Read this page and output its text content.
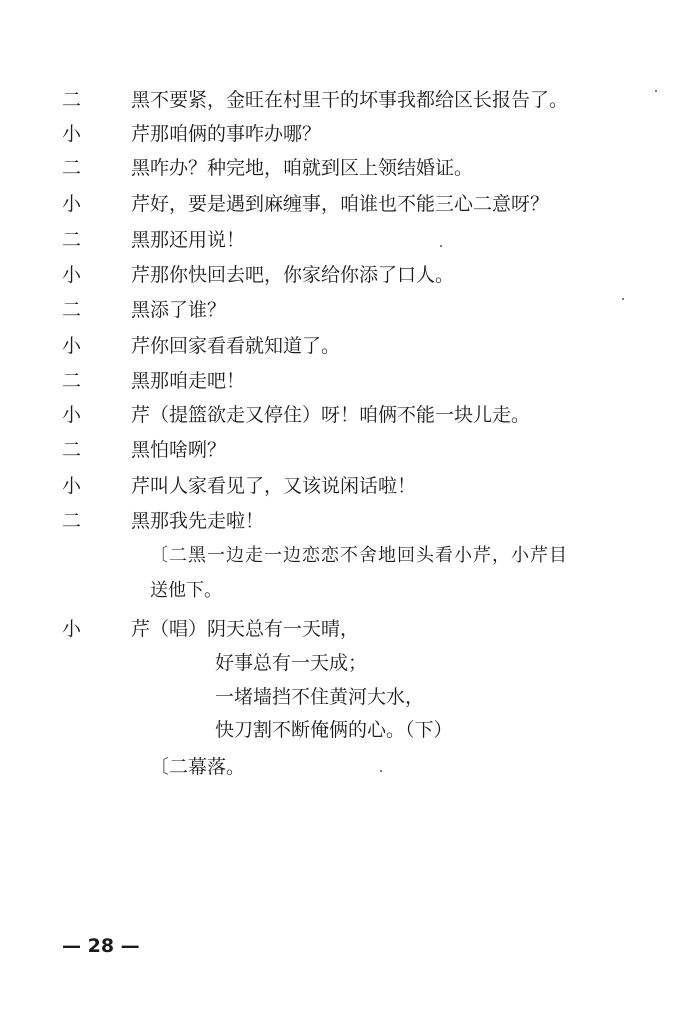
二 黑
不要紧，金旺在村里干的坏事我都给区长报告了。
小 芹
那咱俩的事咋办哪？
二 黑
咋办？种完地，咱就到区上领结婚证。
小 芹
好，要是遇到麻缠事，咱谁也不能三心二意呀？
二 黑
那还用说！
小 芹
那你快回去吧，你家给你添了口人。
二 黑
添了谁？
小 芹
你回家看看就知道了。
二 黑
那咱走吧！
小 芹
（提篮欲走又停住）呀！咱俩不能一块儿走。
二 黑
怕啥咧？
小 芹
叫人家看见了，又该说闲话啦！
二 黑
那我先走啦！
〔二黑一边走一边恋恋不舍地回头看小芹，小芹目
送他下。
小 芹
（唱）阴天总有一天晴，
好事总有一天成；
一堵墙挡不住黄河大水，
快刀割不断俺俩的心。（下）
〔二幕落。
— 28 —
